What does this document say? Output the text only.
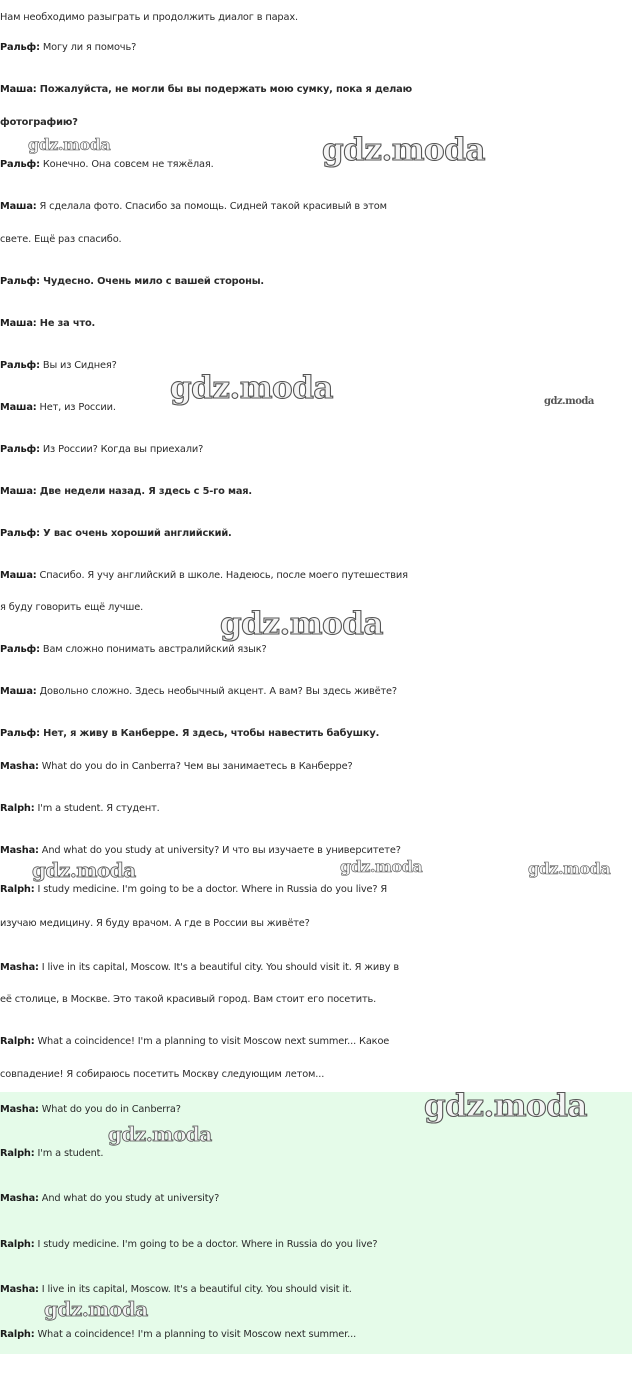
Нам необходимо разыграть и продолжить диалог в парах.
Ральф: Могу ли я помочь?
Маша: Пожалуйста, не могли бы вы подержать мою сумку, пока я делаю
фотографию?
Ральф: Конечно. Она совсем не тяжёлая.
Маша: Я сделала фото. Спасибо за помощь. Сидней такой красивый в этом
свете. Ещё раз спасибо.
Ральф: Чудесно. Очень мило с вашей стороны.
Маша: Не за что.
Ральф: Вы из Сиднея?
Маша: Нет, из России.
Ральф: Из России? Когда вы приехали?
Маша: Две недели назад. Я здесь с 5-го мая.
Ральф: У вас очень хороший английский.
Маша: Спасибо. Я учу английский в школе. Надеюсь, после моего путешествия
я буду говорить ещё лучше.
Ральф: Вам сложно понимать австралийский язык?
Маша: Довольно сложно. Здесь необычный акцент. А вам? Вы здесь живёте?
Ральф: Нет, я живу в Канберре. Я здесь, чтобы навестить бабушку.
Masha: What do you do in Canberra? Чем вы занимаетесь в Канберре?
Ralph: I'm a student. Я студент.
Masha: And what do you study at university? И что вы изучаете в университете?
Ralph: I study medicine. I'm going to be a doctor. Where in Russia do you live? Я
изучаю медицину. Я буду врачом. А где в России вы живёте?
Masha: I live in its capital, Moscow. It's a beautiful city. You should visit it. Я живу в
её столице, в Москве. Это такой красивый город. Вам стоит его посетить.
Ralph: What a coincidence! I'm a planning to visit Moscow next summer... Какое
совпадение! Я собираюсь посетить Москву следующим летом...
Masha: What do you do in Canberra?
Ralph: I'm a student.
Masha: And what do you study at university?
Ralph: I study medicine. I'm going to be a doctor. Where in Russia do you live?
Masha: I live in its capital, Moscow. It's a beautiful city. You should visit it.
Ralph: What a coincidence! I'm a planning to visit Moscow next summer...
gdz.moda	gdz.moda
gdz.moda	gdz.moda
gdz.moda
gdz.moda	gdz.moda	gdz.moda
gdz.moda
gdz.moda
gdz.moda
